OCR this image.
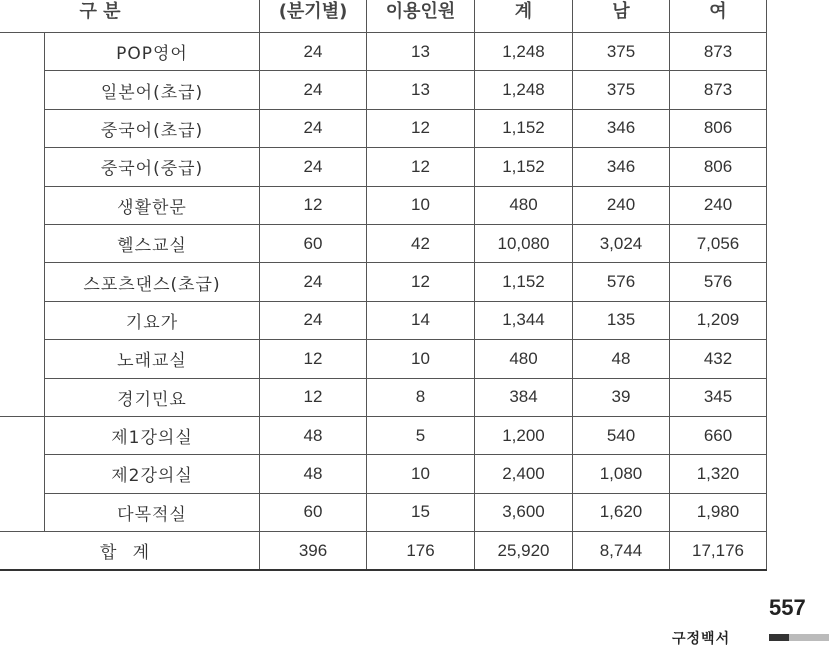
구 분		(분기별)	이용인원	계	남	여

	POP영어	24	13	1,248	375	873
	일본어(초급)	24	13	1,248	375	873
	중국어(초급)	24	12	1,152	346	806
	중국어(중급)	24	12	1,152	346	806
	생활한문	12	10	480	240	240
	헬스교실	60	42	10,080	3,024	7,056
	스포츠댄스(초급)	24	12	1,152	576	576
	기요가	24	14	1,344	135	1,209
	노래교실	12	10	480	48	432
	경기민요	12	8	384	39	345

	제1강의실	48	5	1,200	540	660
	제2강의실	48	10	2,400	1,080	1,320
	다목적실	60	15	3,600	1,620	1,980
합   계		396	176	25,920	8,744	17,176
557
구정백서
